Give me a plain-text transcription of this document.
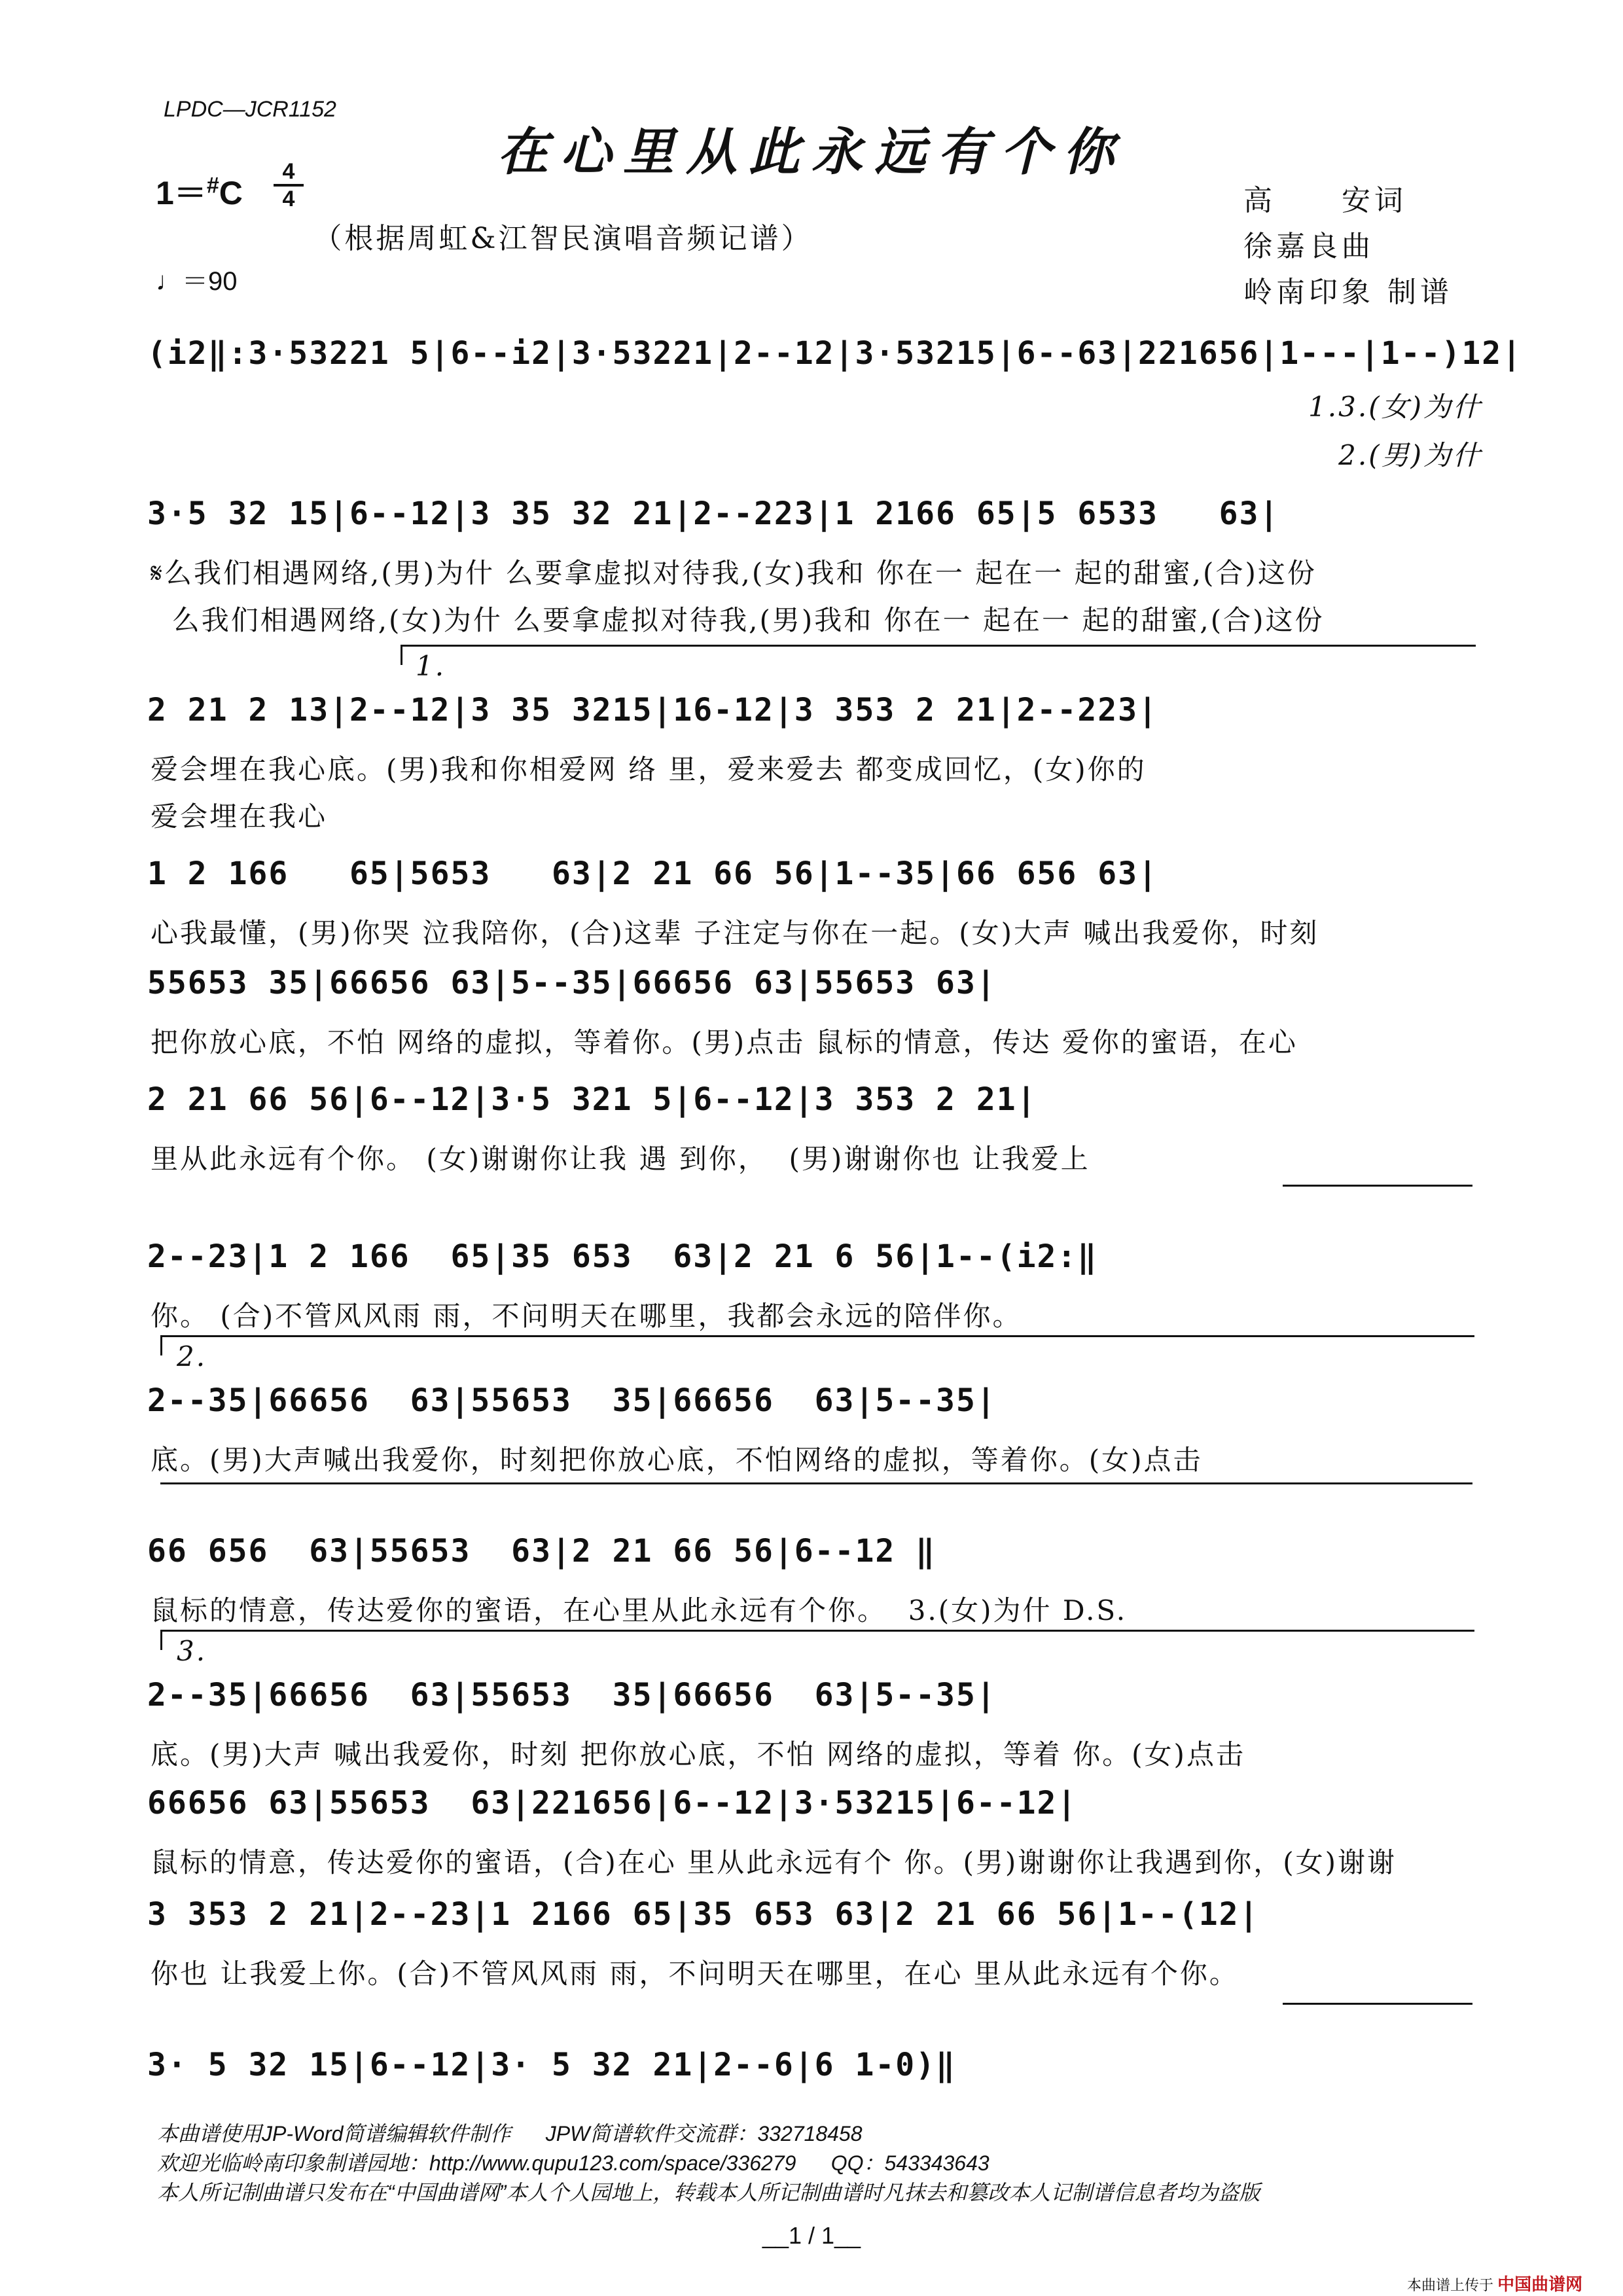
LPDC—JCR1152
在心里从此永远有个你
（根据周虹&江智民演唱音频记谱）
1＝#C
4
4
♩＝90
高　　安词
徐嘉良曲
岭南印象 制谱
(i2‖:3·53221 5|6--i2|3·53221|2--12|3·53215|6--63|221656|1---|1--)12|
1.3.(女)为什
2.(男)为什
3·5 32 15|6--12|3 35 32 21|2--223|1 2166 65|5 6533   63|
𝄋么我们相遇网络,(男)为什 么要拿虚拟对待我,(女)我和 你在一 起在一 起的甜蜜,(合)这份
么我们相遇网络,(女)为什 么要拿虚拟对待我,(男)我和 你在一 起在一 起的甜蜜,(合)这份
1.
2 21 2 13|2--12|3 35 3215|16-12|3 353 2 21|2--223|
爱会埋在我心底。(男)我和你相爱网 络 里，爱来爱去 都变成回忆，(女)你的
爱会埋在我心
1 2 166   65|5653   63|2 21 66 56|1--35|66 656 63|
心我最懂，(男)你哭 泣我陪你，(合)这辈 子注定与你在一起。(女)大声 喊出我爱你，时刻
55653 35|66656 63|5--35|66656 63|55653 63|
把你放心底，不怕 网络的虚拟，等着你。(男)点击 鼠标的情意，传达 爱你的蜜语，在心
2 21 66 56|6--12|3·5 321 5|6--12|3 353 2 21|
里从此永远有个你。 (女)谢谢你让我 遇 到你，  (男)谢谢你也 让我爱上
2--23|1 2 166  65|35 653  63|2 21 6 56|1--(i2:‖
你。 (合)不管风风雨 雨，不问明天在哪里，我都会永远的陪伴你。
2.
2--35|66656  63|55653  35|66656  63|5--35|
底。(男)大声喊出我爱你，时刻把你放心底，不怕网络的虚拟，等着你。(女)点击
66 656  63|55653  63|2 21 66 56|6--12 ‖
鼠标的情意，传达爱你的蜜语，在心里从此永远有个你。  3.(女)为什 D.S.
3.
2--35|66656  63|55653  35|66656  63|5--35|
底。(男)大声 喊出我爱你，时刻 把你放心底，不怕 网络的虚拟，等着 你。(女)点击
66656 63|55653  63|221656|6--12|3·53215|6--12|
鼠标的情意，传达爱你的蜜语，(合)在心 里从此永远有个 你。(男)谢谢你让我遇到你，(女)谢谢
3 353 2 21|2--23|1 2166 65|35 653 63|2 21 66 56|1--(12|
你也 让我爱上你。(合)不管风风雨 雨，不问明天在哪里，在心 里从此永远有个你。
3· 5 32 15|6--12|3· 5 32 21|2--6|6 1-0)‖
本曲谱使用JP-Word简谱编辑软件制作      JPW简谱软件交流群：332718458
欢迎光临岭南印象制谱园地：http://www.qupu123.com/space/336279      QQ：543343643
本人所记制曲谱只发布在“中国曲谱网”本人个人园地上，转载本人所记制曲谱时凡抹去和篡改本人记制谱信息者均为盗版
__1 / 1__
本曲谱上传于 中国曲谱网
